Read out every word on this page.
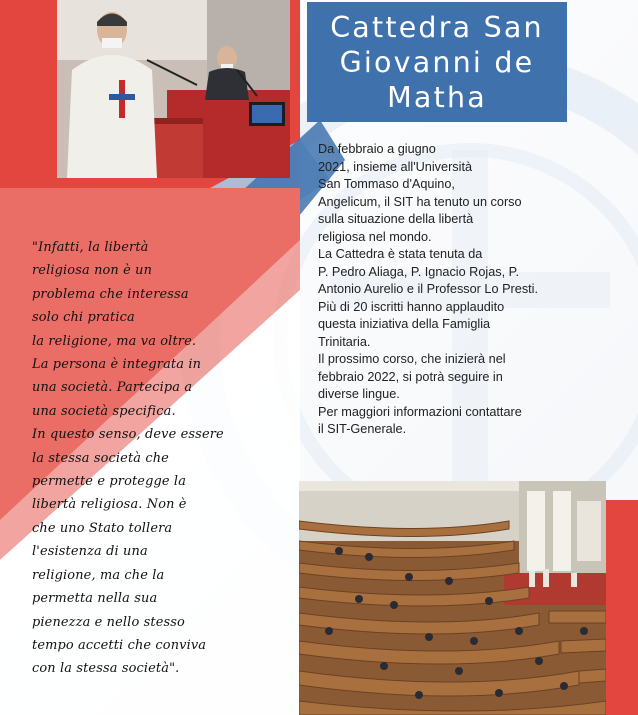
Cattedra San
Giovanni de
Matha
Da febbraio a giugno
2021, insieme all'Università
San Tommaso d'Aquino,
Angelicum, il SIT ha tenuto un corso
sulla situazione della libertà
religiosa nel mondo.
La Cattedra è stata tenuta da
P. Pedro Aliaga, P. Ignacio Rojas, P.
Antonio Aurelio e il Professor Lo Presti.
Più di 20 iscritti hanno applaudito
questa iniziativa della Famiglia
Trinitaria.
Il prossimo corso, che inizierà nel
febbraio 2022, si potrà seguire in
diverse lingue.
Per maggiori informazioni contattare
il SIT-Generale.
"Infatti, la libertà
religiosa non è un
problema che interessa
solo chi pratica
la religione, ma va oltre.
La persona è integrata in
una società. Partecipa a
una società specifica.
In questo senso, deve essere
la stessa società che
permette e protegge la
libertà religiosa. Non è
che uno Stato tollera
l'esistenza di una
religione, ma che la
permetta nella sua
pienezza e nello stesso
tempo accetti che conviva
con la stessa società".
